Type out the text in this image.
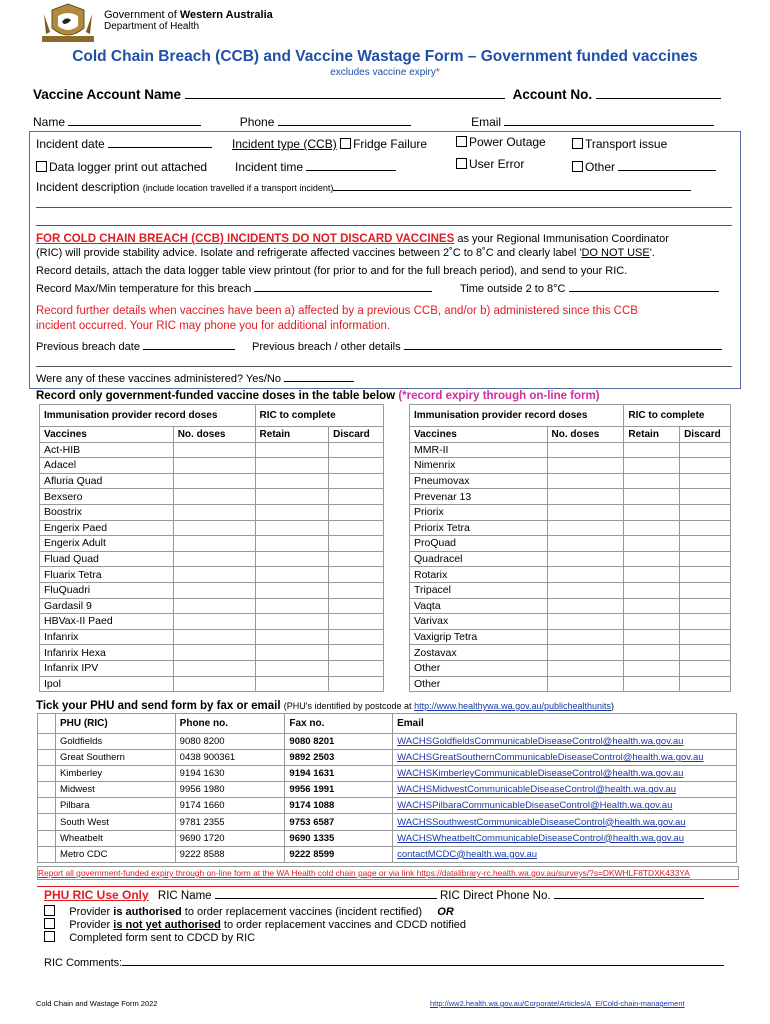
Government of Western Australia
Department of Health
Cold Chain Breach (CCB) and Vaccine Wastage Form – Government funded vaccines
excludes vaccine expiry*
Vaccine Account Name	Account No.
Name	Phone	Email
Incident date	Incident type (CCB) Fridge Failure	Power Outage	Transport issue
Data logger print out attached Incident time	User Error	Other
Incident description (include location travelled if a transport incident)
FOR COLD CHAIN BREACH (CCB) INCIDENTS DO NOT DISCARD VACCINES as your Regional Immunisation Coordinator
(RIC) will provide stability advice. Isolate and refrigerate affected vaccines between 2˚C to 8˚C and clearly label 'DO NOT USE'.
Record details, attach the data logger table view printout (for prior to and for the full breach period), and send to your RIC.
Record Max/Min temperature for this breach	Time outside 2 to 8°C
Record further details when vaccines have been a) affected by a previous CCB, and/or b) administered since this CCB
incident occurred. Your RIC may phone you for additional information.
Previous breach date	Previous breach / other details
Were any of these vaccines administered? Yes/No
Record only government-funded vaccine doses in the table below (*record expiry through on-line form)
Immunisation provider record doses		RIC to complete	
Vaccines	No. doses	Retain	Discard
Act-HIB			
Adacel			
Afluria Quad			
Bexsero			
Boostrix			
Engerix Paed			
Engerix Adult			
Fluad Quad			
Fluarix Tetra			
FluQuadri			
Gardasil 9			
HBVax-II Paed			
Infanrix			
Infanrix Hexa			
Infanrix IPV			
Ipol			
Immunisation provider record doses		RIC to complete	
Vaccines	No. doses	Retain	Discard
MMR-II			
Nimenrix			
Pneumovax			
Prevenar 13			
Priorix			
Priorix Tetra			
ProQuad			
Quadracel			
Rotarix			
Tripacel			
Vaqta			
Varivax			
Vaxigrip Tetra			
Zostavax			
Other			
Other			
Tick your PHU and send form by fax or email (PHU's identified by postcode at http://www.healthywa.wa.gov.au/publichealthunits)
	PHU (RIC)	Phone no.	Fax no.	Email
	Goldfields	9080 8200	9080 8201	WACHSGoldfieldsCommunicableDiseaseControl@health.wa.gov.au
	Great Southern	0438 900361	9892 2503	WACHSGreatSouthernCommunicableDiseaseControl@health.wa.gov.au
	Kimberley	9194 1630	9194 1631	WACHSKimberleyCommunicableDiseaseControl@health.wa.gov.au
	Midwest	9956 1980	9956 1991	WACHSMidwestCommunicableDiseaseControl@health.wa.gov.au
	Pilbara	9174 1660	9174 1088	WACHSPilbaraCommunicableDiseaseControl@Health.wa.gov.au
	South West	9781 2355	9753 6587	WACHSSouthwestCommunicableDiseaseControl@health.wa.gov.au
	Wheatbelt	9690 1720	9690 1335	WACHSWheatbeltCommunicableDiseaseControl@health.wa.gov.au
	Metro CDC	9222 8588	9222 8599	contactMCDC@health.wa.gov.au
Report all government-funded expiry through on-line form at the WA Health cold chain page or via link https://datalibrary-rc.health.wa.gov.au/surveys/?s=DKWHLF8TDXK433YA
PHU RIC Use Only RIC Name	RIC Direct Phone No.
Provider is authorised to order replacement vaccines (incident rectified) OR
Provider is not yet authorised to order replacement vaccines and CDCD notified
Completed form sent to CDCD by RIC
RIC Comments:
Cold Chain and Wastage Form 2022	http://ww2.health.wa.gov.au/Corporate/Articles/A_E/Cold-chain-management
